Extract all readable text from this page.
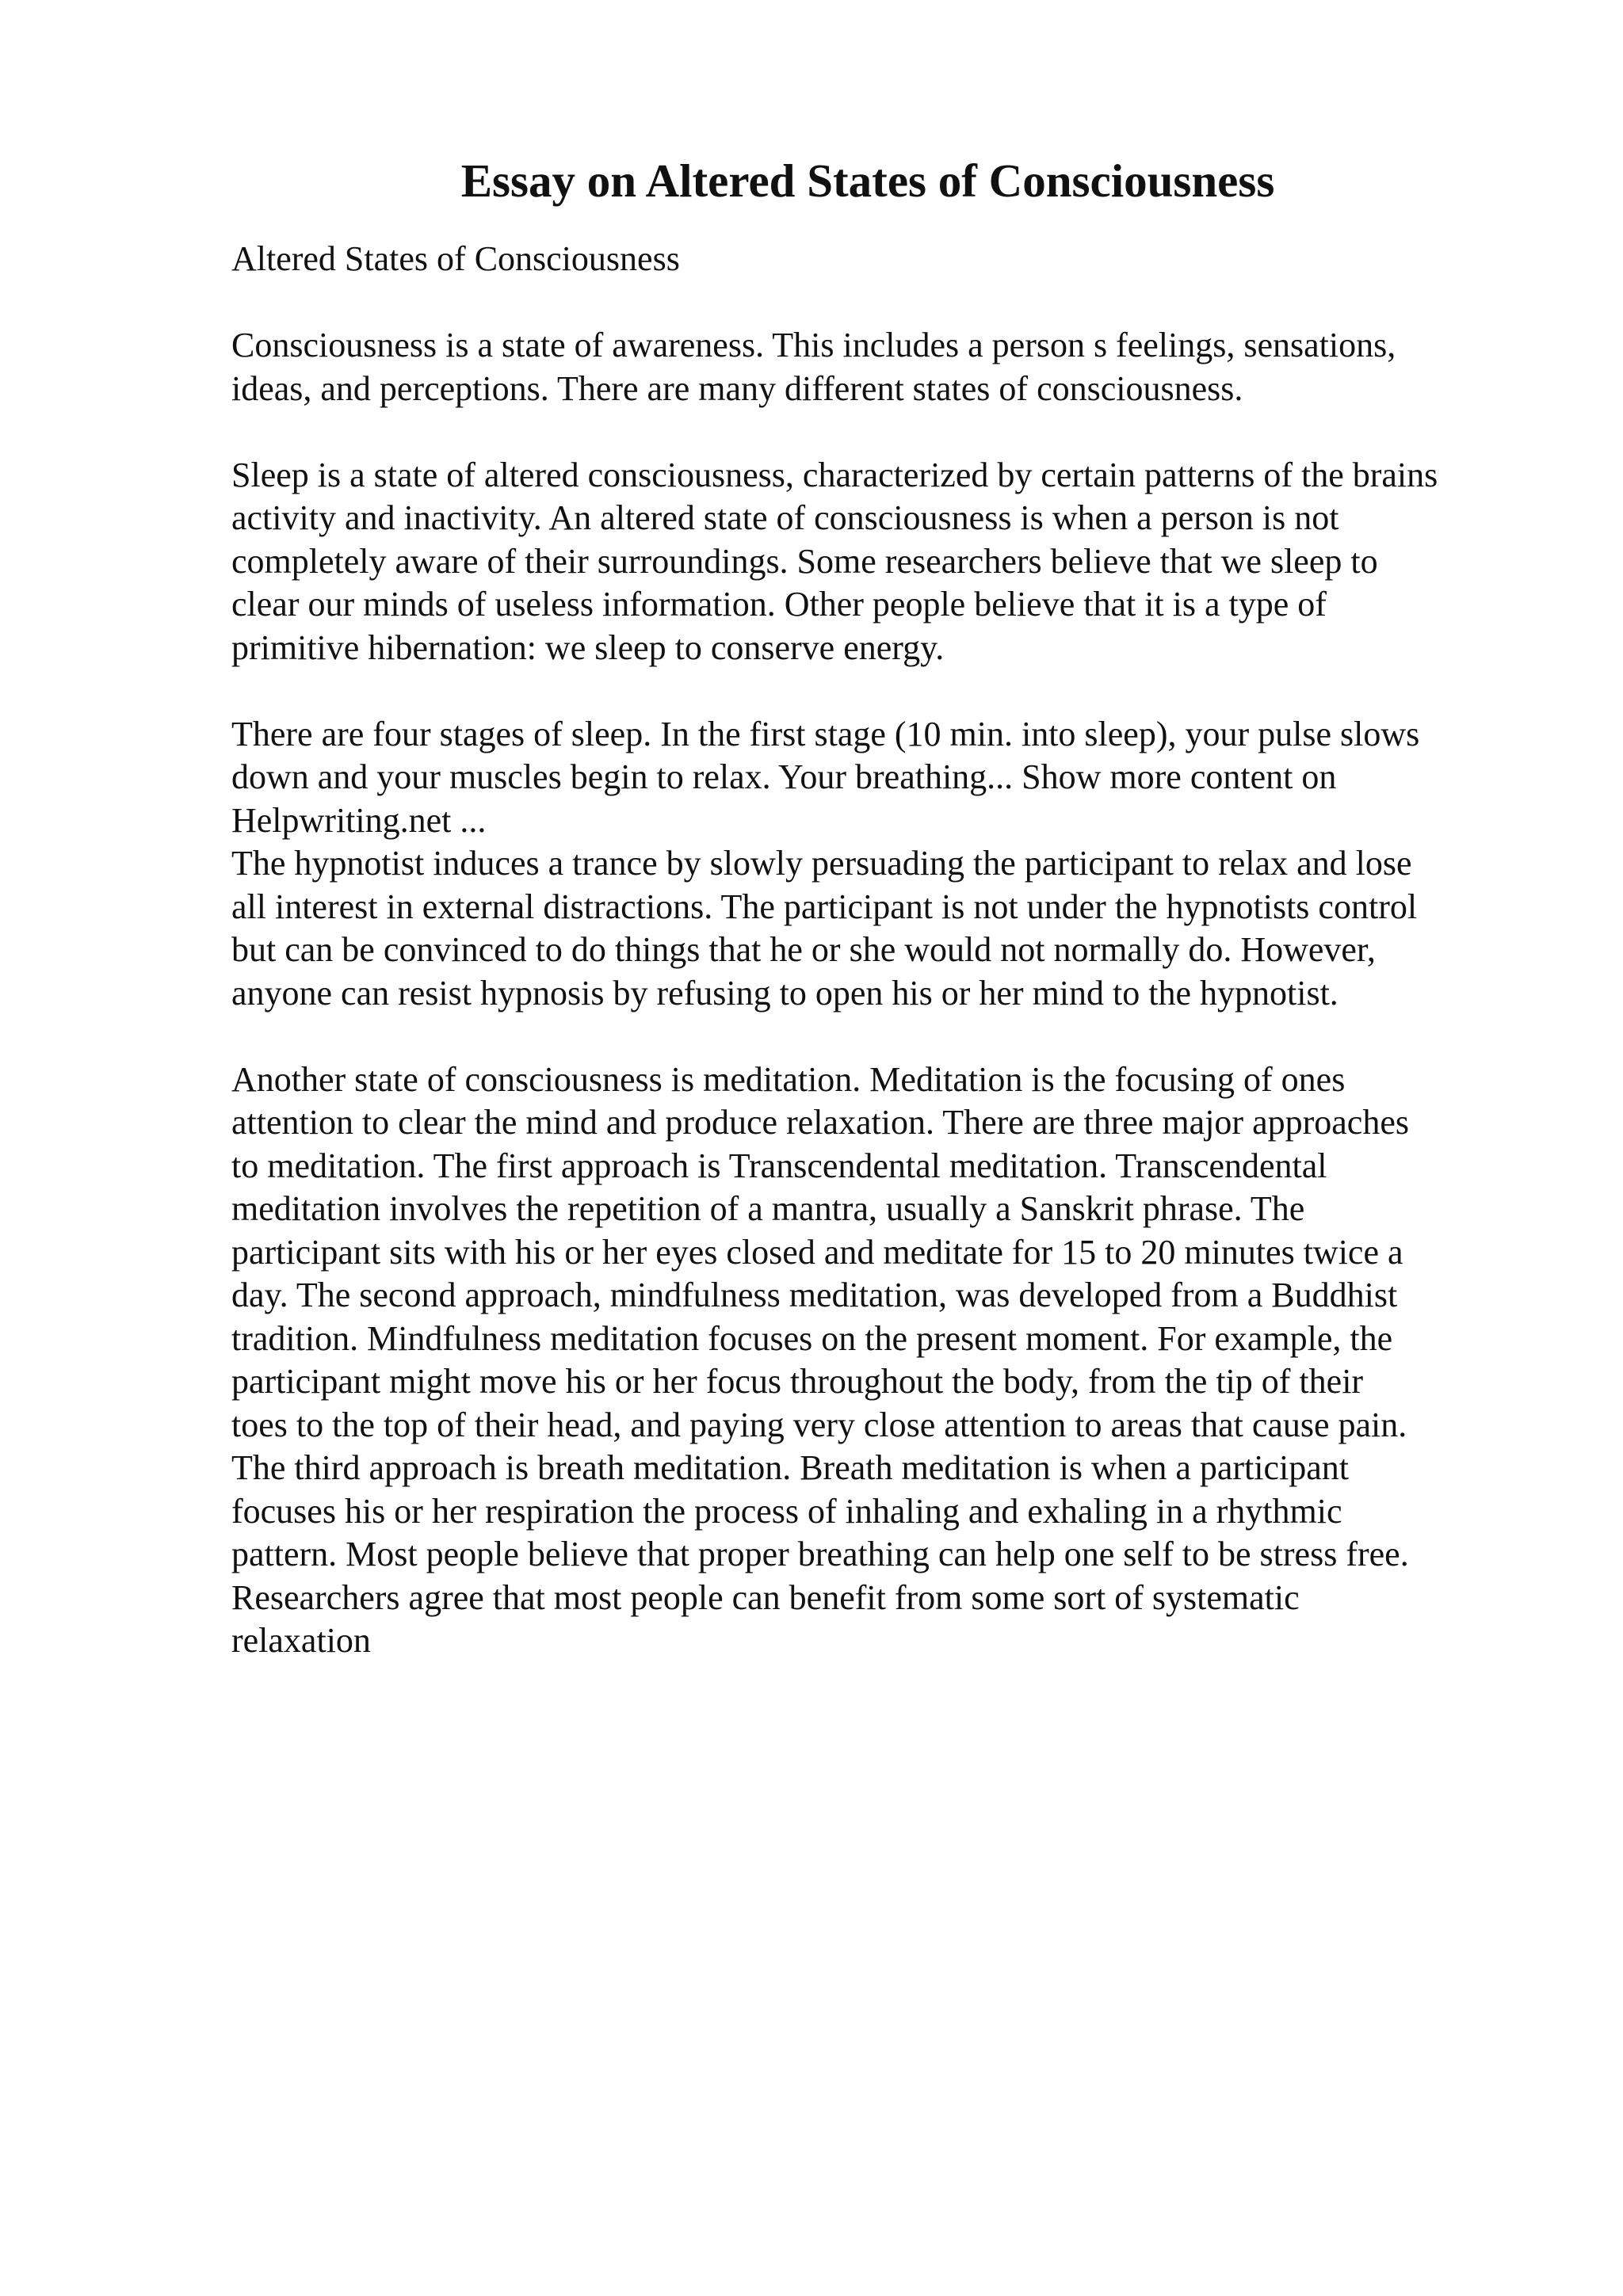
Essay on Altered States of Consciousness

Altered States of Consciousness

Consciousness is a state of awareness. This includes a person s feelings, sensations,

ideas, and perceptions. There are many different states of consciousness.

Sleep is a state of altered consciousness, characterized by certain patterns of the brains

activity and inactivity. An altered state of consciousness is when a person is not

completely aware of their surroundings. Some researchers believe that we sleep to

clear our minds of useless information. Other people believe that it is a type of

primitive hibernation: we sleep to conserve energy.

There are four stages of sleep. In the first stage (10 min. into sleep), your pulse slows

down and your muscles begin to relax. Your breathing... Show more content on

Helpwriting.net ...

The hypnotist induces a trance by slowly persuading the participant to relax and lose

all interest in external distractions. The participant is not under the hypnotists control

but can be convinced to do things that he or she would not normally do. However,

anyone can resist hypnosis by refusing to open his or her mind to the hypnotist.

Another state of consciousness is meditation. Meditation is the focusing of ones

attention to clear the mind and produce relaxation. There are three major approaches

to meditation. The first approach is Transcendental meditation. Transcendental

meditation involves the repetition of a mantra, usually a Sanskrit phrase. The

participant sits with his or her eyes closed and meditate for 15 to 20 minutes twice a

day. The second approach, mindfulness meditation, was developed from a Buddhist

tradition. Mindfulness meditation focuses on the present moment. For example, the

participant might move his or her focus throughout the body, from the tip of their

toes to the top of their head, and paying very close attention to areas that cause pain.

The third approach is breath meditation. Breath meditation is when a participant

focuses his or her respiration the process of inhaling and exhaling in a rhythmic

pattern. Most people believe that proper breathing can help one self to be stress free.

Researchers agree that most people can benefit from some sort of systematic

relaxation
